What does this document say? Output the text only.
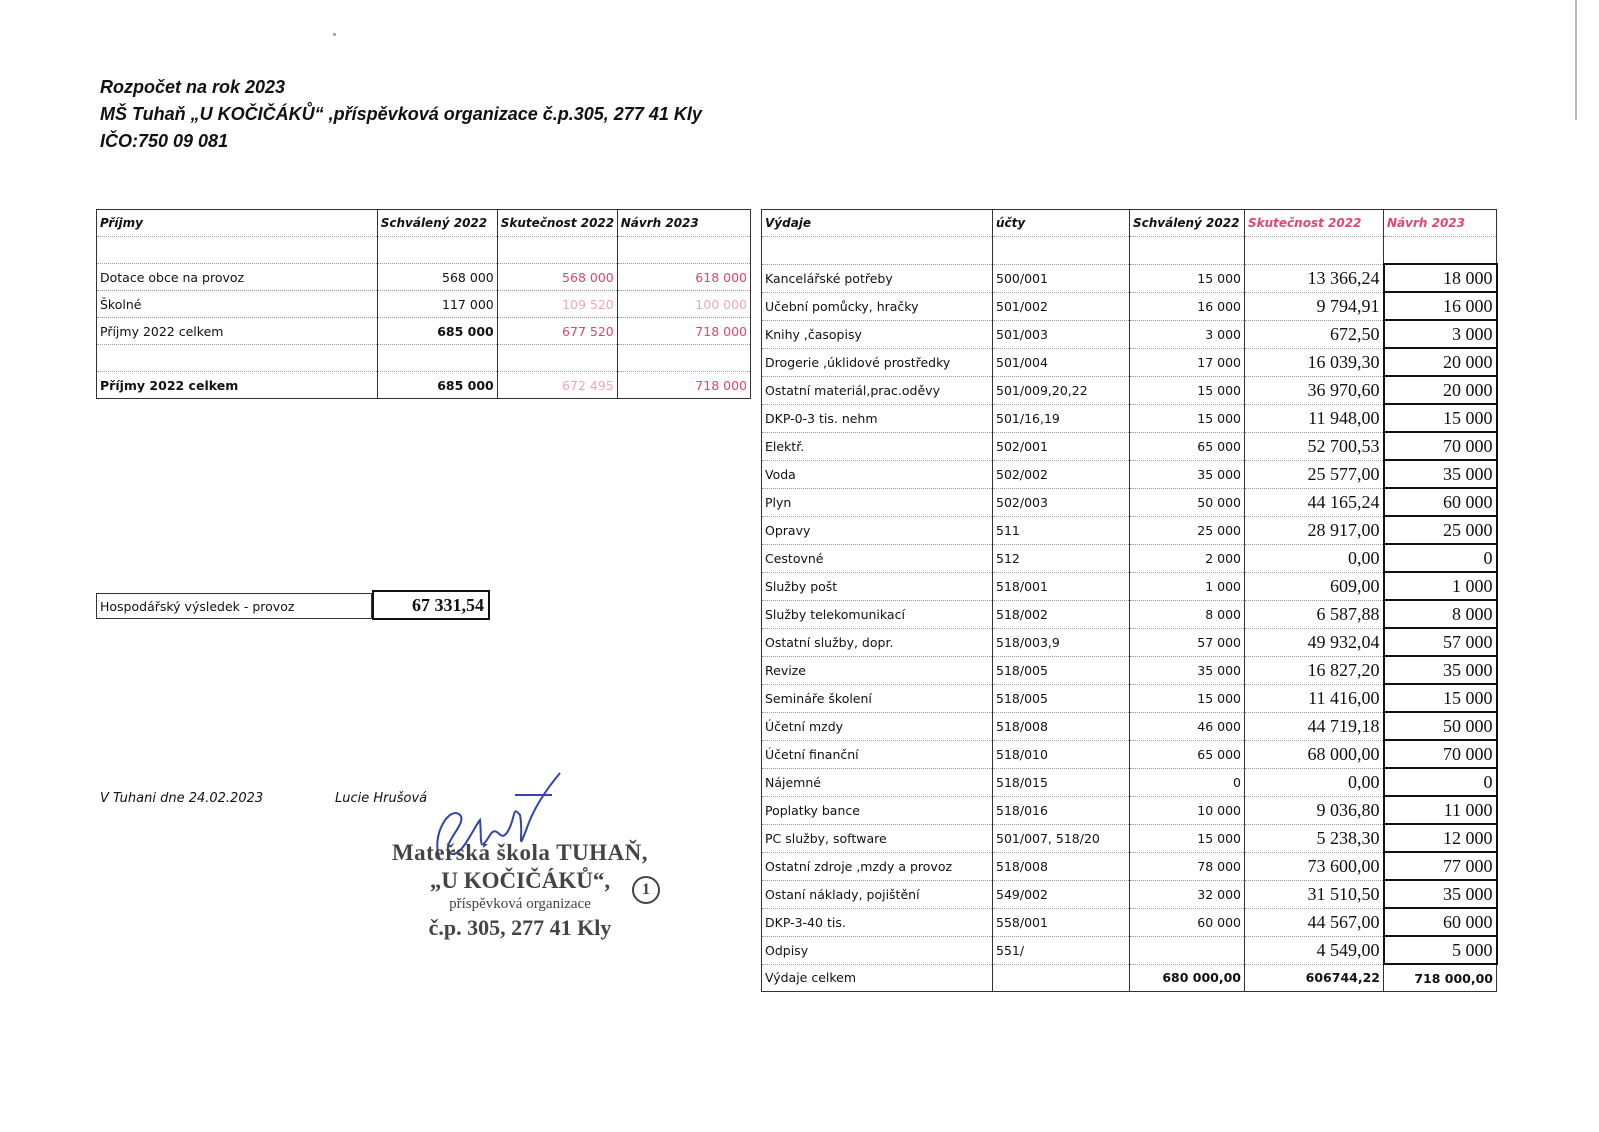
Rozpočet na rok 2023
MŠ Tuhaň „U KOČIČÁKŮ“ ,příspěvková organizace č.p.305, 277 41 Kly
IČO:750 09 081
Příjmy	Schválený 2022	Skutečnost 2022	Návrh 2023

Dotace obce na provoz	568 000	568 000	618 000
Školné	117 000	109 520	100 000
Příjmy 2022 celkem	685 000	677 520	718 000

Příjmy 2022 celkem	685 000	672 495	718 000
Výdaje	účty	Schválený 2022	Skutečnost 2022	Návrh 2023

Kancelářské potřeby	500/001	15 000	13 366,24	18 000
Učební pomůcky, hračky	501/002	16 000	9 794,91	16 000
Knihy ,časopisy	501/003	3 000	672,50	3 000
Drogerie ,úklidové prostředky	501/004	17 000	16 039,30	20 000
Ostatní materiál,prac.oděvy	501/009,20,22	15 000	36 970,60	20 000
DKP-0-3 tis. nehm	501/16,19	15 000	11 948,00	15 000
Elektř.	502/001	65 000	52 700,53	70 000
Voda	502/002	35 000	25 577,00	35 000
Plyn	502/003	50 000	44 165,24	60 000
Opravy	511	25 000	28 917,00	25 000
Cestovné	512	2 000	0,00	0
Služby pošt	518/001	1 000	609,00	1 000
Služby telekomunikací	518/002	8 000	6 587,88	8 000
Ostatní služby, dopr.	518/003,9	57 000	49 932,04	57 000
Revize	518/005	35 000	16 827,20	35 000
Semináře školení	518/005	15 000	11 416,00	15 000
Účetní mzdy	518/008	46 000	44 719,18	50 000
Účetní finanční	518/010	65 000	68 000,00	70 000
Nájemné	518/015	0	0,00	0
Poplatky bance	518/016	10 000	9 036,80	11 000
PC služby, software	501/007, 518/20	15 000	5 238,30	12 000
Ostatní zdroje ,mzdy a provoz	518/008	78 000	73 600,00	77 000
Ostaní náklady, pojištění	549/002	32 000	31 510,50	35 000
DKP-3-40 tis.	558/001	60 000	44 567,00	60 000
Odpisy	551/		4 549,00	5 000
Výdaje celkem		680 000,00	606744,22	718 000,00
Hospodářský výsledek - provoz	67 331,54
V Tuhani dne 24.02.2023	Lucie Hrušová
Mateřská škola TUHAŇ,
„U KOČIČÁKŮ“,
příspěvková organizace
č.p. 305, 277 41 Kly
1
